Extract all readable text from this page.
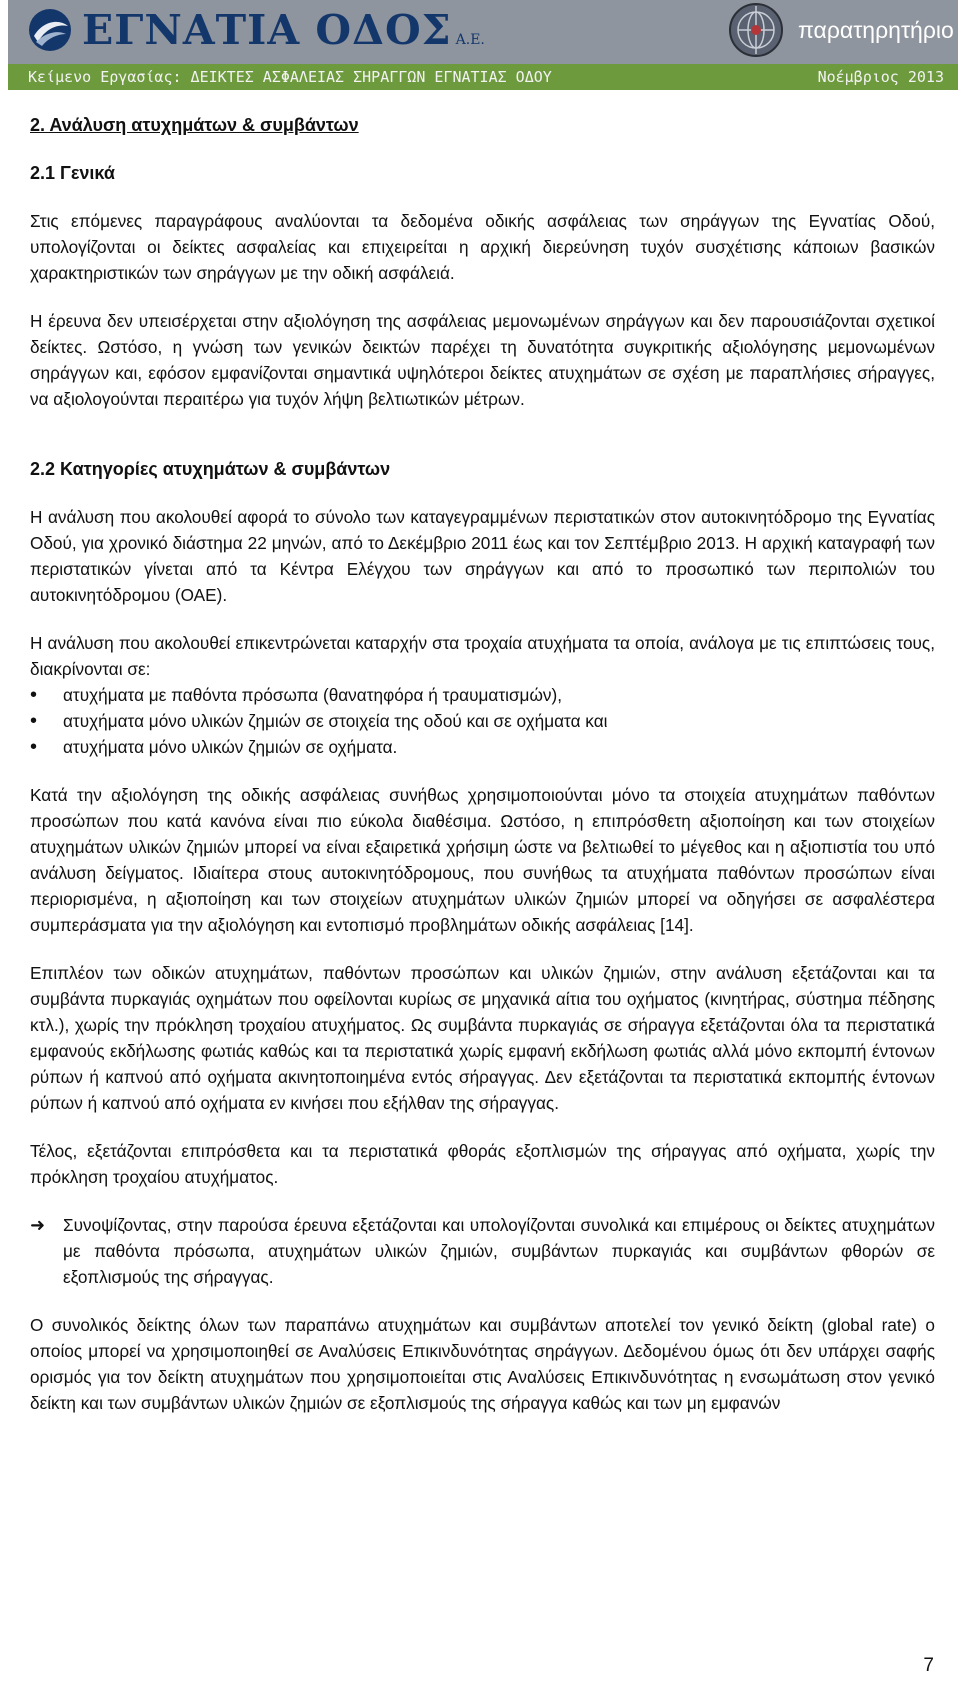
ΕΓΝΑΤΙΑ ΟΔΟΣ Α.Ε.	παρατηρητήριο
Κείμενο Εργασίας: ΔΕΙΚΤΕΣ ΑΣΦΑΛΕΙΑΣ ΣΗΡΑΓΓΩΝ ΕΓΝΑΤΙΑΣ ΟΔΟΥ	Νοέμβριος 2013
2. Ανάλυση ατυχημάτων & συμβάντων
2.1 Γενικά

Στις επόμενες παραγράφους αναλύονται τα δεδομένα οδικής ασφάλειας των σηράγγων της Εγνατίας Οδού, υπολογίζονται οι δείκτες ασφαλείας και επιχειρείται η αρχική διερεύνηση τυχόν συσχέτισης κάποιων βασικών χαρακτηριστικών των σηράγγων με την οδική ασφάλειά.

Η έρευνα δεν υπεισέρχεται στην αξιολόγηση της ασφάλειας μεμονωμένων σηράγγων και δεν παρουσιάζονται σχετικοί δείκτες. Ωστόσο, η γνώση των γενικών δεικτών παρέχει τη δυνατότητα συγκριτικής αξιολόγησης μεμονωμένων σηράγγων και, εφόσον εμφανίζονται σημαντικά υψηλότεροι δείκτες ατυχημάτων σε σχέση με παραπλήσιες σήραγγες, να αξιολογούνται περαιτέρω για τυχόν λήψη βελτιωτικών μέτρων.

2.2 Κατηγορίες ατυχημάτων & συμβάντων

Η ανάλυση που ακολουθεί αφορά το σύνολο των καταγεγραμμένων περιστατικών στον αυτοκινητόδρομο της Εγνατίας Οδού, για χρονικό διάστημα 22 μηνών, από το Δεκέμβριο 2011 έως και τον Σεπτέμβριο 2013. Η αρχική καταγραφή των περιστατικών γίνεται από τα Κέντρα Ελέγχου των σηράγγων και από το προσωπικό των περιπολιών του αυτοκινητόδρομου (ΟΑΕ).

Η ανάλυση που ακολουθεί επικεντρώνεται καταρχήν στα τροχαία ατυχήματα τα οποία, ανάλογα με τις επιπτώσεις τους, διακρίνονται σε:

• ατυχήματα με παθόντα πρόσωπα (θανατηφόρα ή τραυματισμών),
• ατυχήματα μόνο υλικών ζημιών σε στοιχεία της οδού και σε οχήματα και
• ατυχήματα μόνο υλικών ζημιών σε οχήματα.

Κατά την αξιολόγηση της οδικής ασφάλειας συνήθως χρησιμοποιούνται μόνο τα στοιχεία ατυχημάτων παθόντων προσώπων που κατά κανόνα είναι πιο εύκολα διαθέσιμα. Ωστόσο, η επιπρόσθετη αξιοποίηση και των στοιχείων ατυχημάτων υλικών ζημιών μπορεί να είναι εξαιρετικά χρήσιμη ώστε να βελτιωθεί το μέγεθος και η αξιοπιστία του υπό ανάλυση δείγματος. Ιδιαίτερα στους αυτοκινητόδρομους, που συνήθως τα ατυχήματα παθόντων προσώπων είναι περιορισμένα, η αξιοποίηση και των στοιχείων ατυχημάτων υλικών ζημιών μπορεί να οδηγήσει σε ασφαλέστερα συμπεράσματα για την αξιολόγηση και εντοπισμό προβλημάτων οδικής ασφάλειας [14].

Επιπλέον των οδικών ατυχημάτων, παθόντων προσώπων και υλικών ζημιών, στην ανάλυση εξετάζονται και τα συμβάντα πυρκαγιάς οχημάτων που οφείλονται κυρίως σε μηχανικά αίτια του οχήματος (κινητήρας, σύστημα πέδησης κτλ.), χωρίς την πρόκληση τροχαίου ατυχήματος. Ως συμβάντα πυρκαγιάς σε σήραγγα εξετάζονται όλα τα περιστατικά εμφανούς εκδήλωσης φωτιάς καθώς και τα περιστατικά χωρίς εμφανή εκδήλωση φωτιάς αλλά μόνο εκπομπή έντονων ρύπων ή καπνού από οχήματα ακινητοποιημένα εντός σήραγγας. Δεν εξετάζονται τα περιστατικά εκπομπής έντονων ρύπων ή καπνού από οχήματα εν κινήσει που εξήλθαν της σήραγγας.

Τέλος, εξετάζονται επιπρόσθετα και τα περιστατικά φθοράς εξοπλισμών της σήραγγας από οχήματα, χωρίς την πρόκληση τροχαίου ατυχήματος.

➜	Συνοψίζοντας, στην παρούσα έρευνα εξετάζονται και υπολογίζονται συνολικά και επιμέρους οι δείκτες ατυχημάτων με παθόντα πρόσωπα, ατυχημάτων υλικών ζημιών, συμβάντων πυρκαγιάς και συμβάντων φθορών σε εξοπλισμούς της σήραγγας.

Ο συνολικός δείκτης όλων των παραπάνω ατυχημάτων και συμβάντων αποτελεί τον γενικό δείκτη (global rate) ο οποίος μπορεί να χρησιμοποιηθεί σε Αναλύσεις Επικινδυνότητας σηράγγων. Δεδομένου όμως ότι δεν υπάρχει σαφής ορισμός για τον δείκτη ατυχημάτων που χρησιμοποιείται στις Αναλύσεις Επικινδυνότητας η ενσωμάτωση στον γενικό δείκτη και των συμβάντων υλικών ζημιών σε εξοπλισμούς της σήραγγα καθώς και των μη εμφανών

7
